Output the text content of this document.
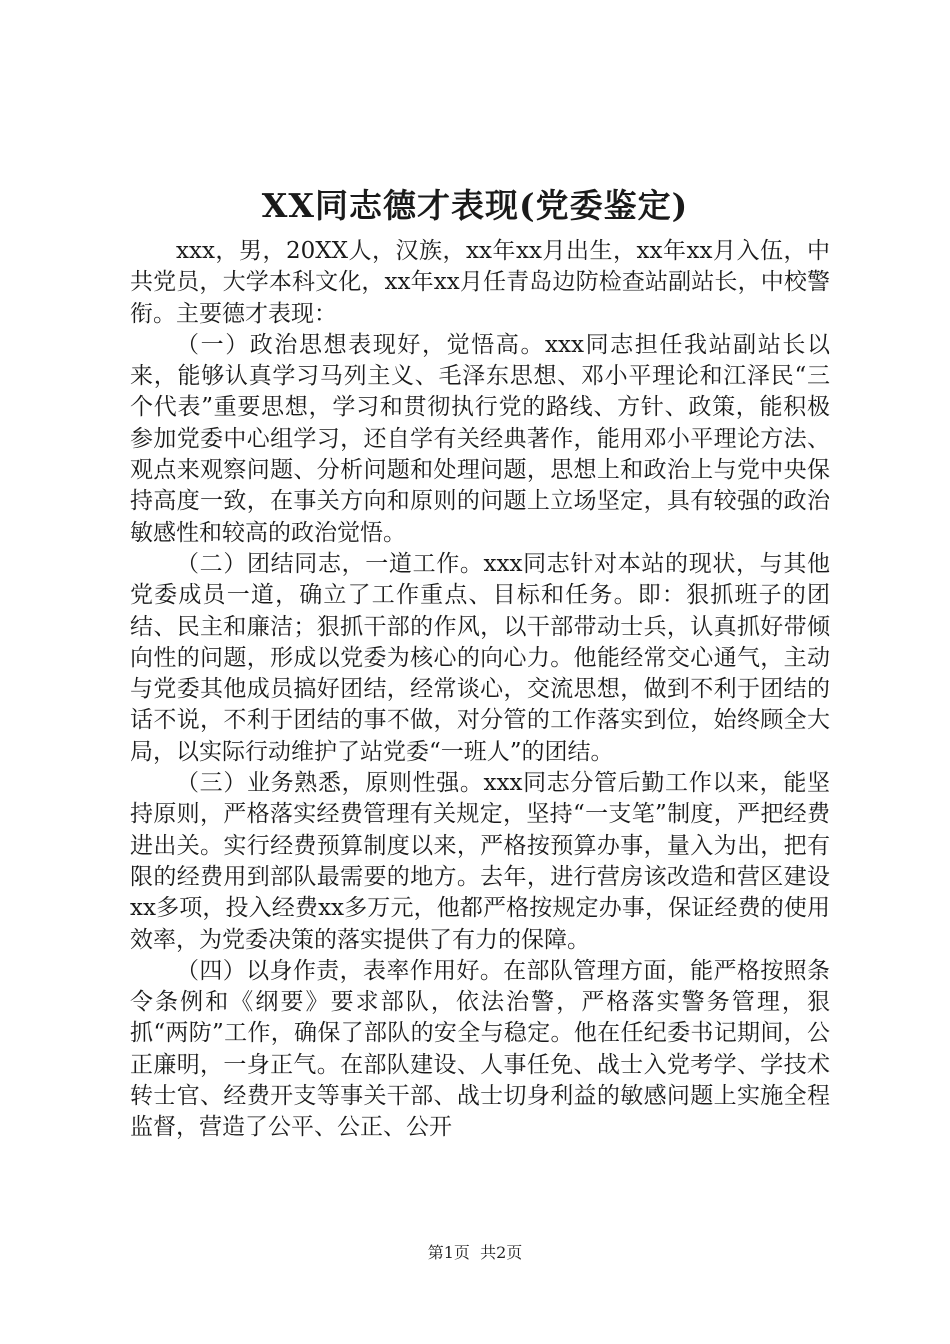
XX同志德才表现(党委鉴定)

xxx，男，20XX人，汉族，xx年xx月出生，xx年xx月入伍，中共党员，大学本科文化，xx年xx月任青岛边防检查站副站长，中校警衔。主要德才表现：

（一）政治思想表现好，觉悟高。xxx同志担任我站副站长以来，能够认真学习马列主义、毛泽东思想、邓小平理论和江泽民“三个代表”重要思想，学习和贯彻执行党的路线、方针、政策，能积极参加党委中心组学习，还自学有关经典著作，能用邓小平理论方法、观点来观察问题、分析问题和处理问题，思想上和政治上与党中央保持高度一致，在事关方向和原则的问题上立场坚定，具有较强的政治敏感性和较高的政治觉悟。

（二）团结同志，一道工作。xxx同志针对本站的现状，与其他党委成员一道，确立了工作重点、目标和任务。即：狠抓班子的团结、民主和廉洁；狠抓干部的作风，以干部带动士兵，认真抓好带倾向性的问题，形成以党委为核心的向心力。他能经常交心通气，主动与党委其他成员搞好团结，经常谈心，交流思想，做到不利于团结的话不说，不利于团结的事不做，对分管的工作落实到位，始终顾全大局，以实际行动维护了站党委“一班人”的团结。

（三）业务熟悉，原则性强。xxx同志分管后勤工作以来，能坚持原则，严格落实经费管理有关规定，坚持“一支笔”制度，严把经费进出关。实行经费预算制度以来，严格按预算办事，量入为出，把有限的经费用到部队最需要的地方。去年，进行营房该改造和营区建设xx多项，投入经费xx多万元，他都严格按规定办事，保证经费的使用效率，为党委决策的落实提供了有力的保障。

（四）以身作责，表率作用好。在部队管理方面，能严格按照条令条例和《纲要》要求部队，依法治警，严格落实警务管理，狠抓“两防”工作，确保了部队的安全与稳定。他在任纪委书记期间，公正廉明，一身正气。在部队建设、人事任免、战士入党考学、学技术转士官、经费开支等事关干部、战士切身利益的敏感问题上实施全程监督，营造了公平、公正、公开

第1页 共2页
